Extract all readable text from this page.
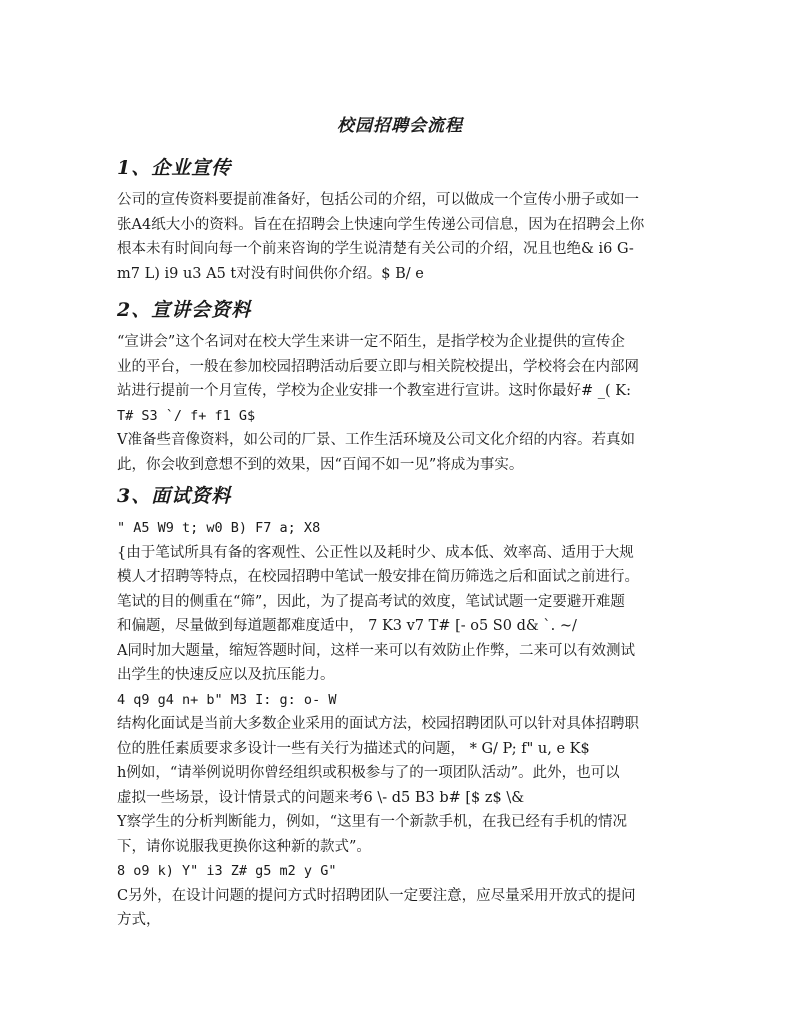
校园招聘会流程
1、企业宣传
公司的宣传资料要提前准备好，包括公司的介绍，可以做成一个宣传小册子或如一
张A4纸大小的资料。旨在在招聘会上快速向学生传递公司信息，因为在招聘会上你
根本未有时间向每一个前来咨询的学生说清楚有关公司的介绍，况且也绝& i6 G-
m7 L) i9 u3 A5 t对没有时间供你介绍。$ B/ e
2、宣讲会资料
“宣讲会”这个名词对在校大学生来讲一定不陌生，是指学校为企业提供的宣传企
业的平台，一般在参加校园招聘活动后要立即与相关院校提出，学校将会在内部网
站进行提前一个月宣传，学校为企业安排一个教室进行宣讲。这时你最好# _( K:
T# S3 `/ f+ f1 G$
V准备些音像资料，如公司的厂景、工作生活环境及公司文化介绍的内容。若真如
此，你会收到意想不到的效果，因“百闻不如一见”将成为事实。
3、面试资料
" A5 W9 t; w0 B) F7 a; X8
{由于笔试所具有备的客观性、公正性以及耗时少、成本低、效率高、适用于大规
模人才招聘等特点，在校园招聘中笔试一般安排在简历筛选之后和面试之前进行。
笔试的目的侧重在“筛”，因此，为了提高考试的效度，笔试试题一定要避开难题
和偏题，尽量做到每道题都难度适中， 7 K3 v7 T# [- o5 S0 d& `. ~/
A同时加大题量，缩短答题时间，这样一来可以有效防止作弊，二来可以有效测试
出学生的快速反应以及抗压能力。
4 q9 g4 n+ b" M3 I: g: o- W
结构化面试是当前大多数企业采用的面试方法，校园招聘团队可以针对具体招聘职
位的胜任素质要求多设计一些有关行为描述式的问题， * G/ P; f" u, e K$
h例如，“请举例说明你曾经组织或积极参与了的一项团队活动”。此外，也可以
虚拟一些场景，设计情景式的问题来考6 \- d5 B3 b# [$ z$ \&
Y察学生的分析判断能力，例如，“这里有一个新款手机，在我已经有手机的情况
下，请你说服我更换你这种新的款式”。
8 o9 k) Y" i3 Z# g5 m2 y G"
C另外，在设计问题的提问方式时招聘团队一定要注意，应尽量采用开放式的提问
方式，
